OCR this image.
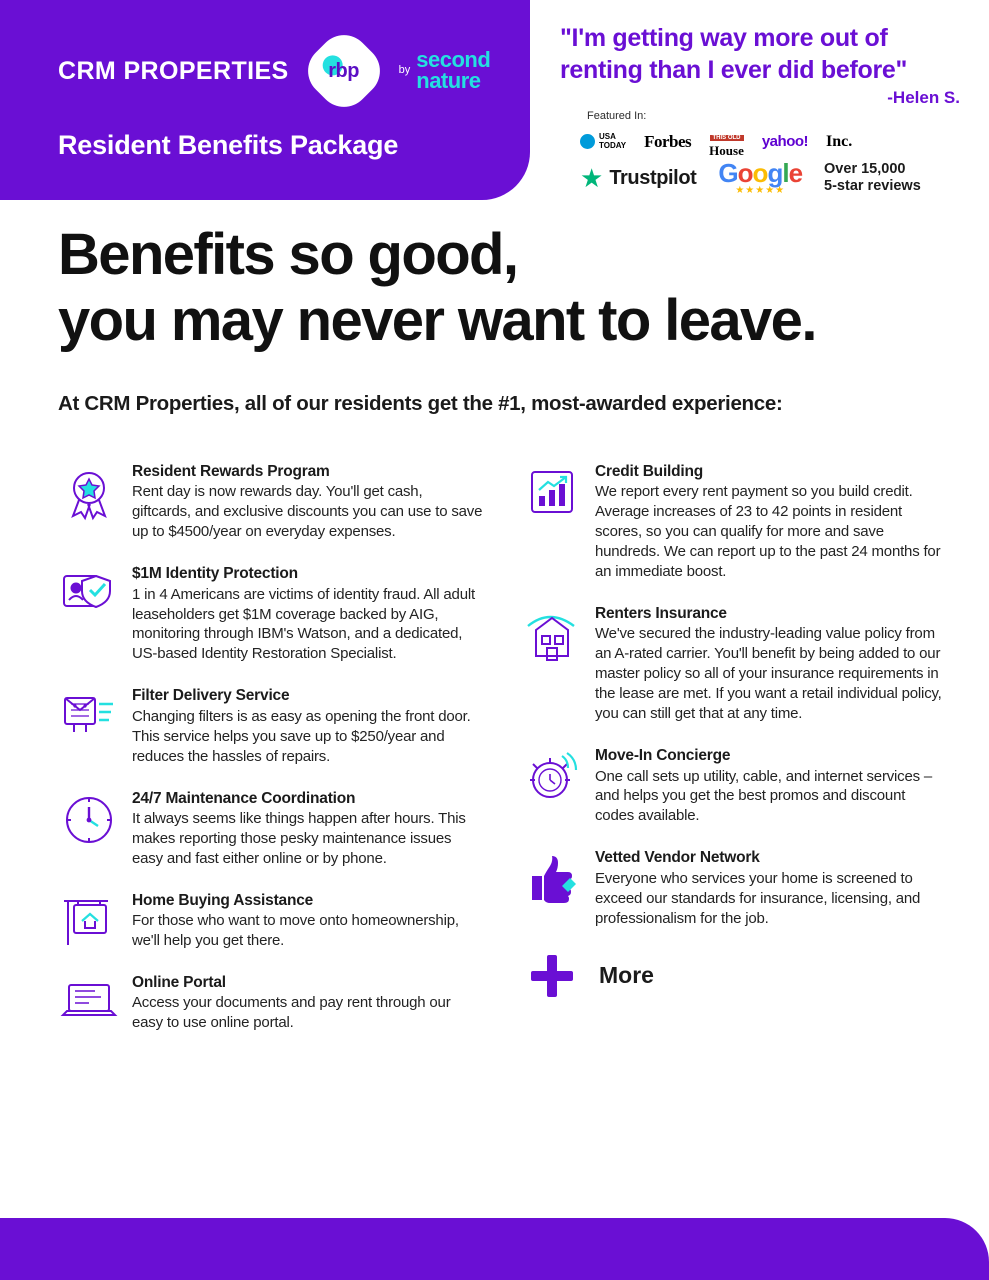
CRM PROPERTIES	rbp	by second
nature
Resident Benefits Package
"I'm getting way more out of renting than I ever did before"
-Helen S.
Featured In:
USA
TODAY Forbes	THIS OLD
House
yahoo! Inc.
★ Trustpilot Google
★★★★★
Over 15,000
5-star reviews
Benefits so good,
you may never want to leave.
At CRM Properties, all of our residents get the #1, most-awarded experience:
Resident Rewards Program

Rent day is now rewards day. You'll get cash, giftcards, and exclusive discounts you can use to save up to $4500/year on everyday expenses.

$1M Identity Protection

1 in 4 Americans are victims of identity fraud. All adult leaseholders get $1M coverage backed by AIG, monitoring through IBM's Watson, and a dedicated, US-based Identity Restoration Specialist.

Filter Delivery Service

Changing filters is as easy as opening the front door. This service helps you save up to $250/year and reduces the hassles of repairs.

24/7 Maintenance Coordination

It always seems like things happen after hours. This makes reporting those pesky maintenance issues easy and fast either online or by phone.

Home Buying Assistance

For those who want to move onto homeownership, we'll help you get there.

Online Portal

Access your documents and pay rent through our easy to use online portal.

Credit Building

We report every rent payment so you build credit. Average increases of 23 to 42 points in resident scores, so you can qualify for more and save hundreds. We can report up to the past 24 months for an immediate boost.

Renters Insurance

We've secured the industry-leading value policy from an A-rated carrier. You'll benefit by being added to our master policy so all of your insurance requirements in the lease are met. If you want a retail individual policy, you can still get that at any time.

Move-In Concierge

One call sets up utility, cable, and internet services – and helps you get the best promos and discount codes available.

Vetted Vendor Network

Everyone who services your home is screened to exceed our standards for insurance, licensing, and professionalism for the job.

More
